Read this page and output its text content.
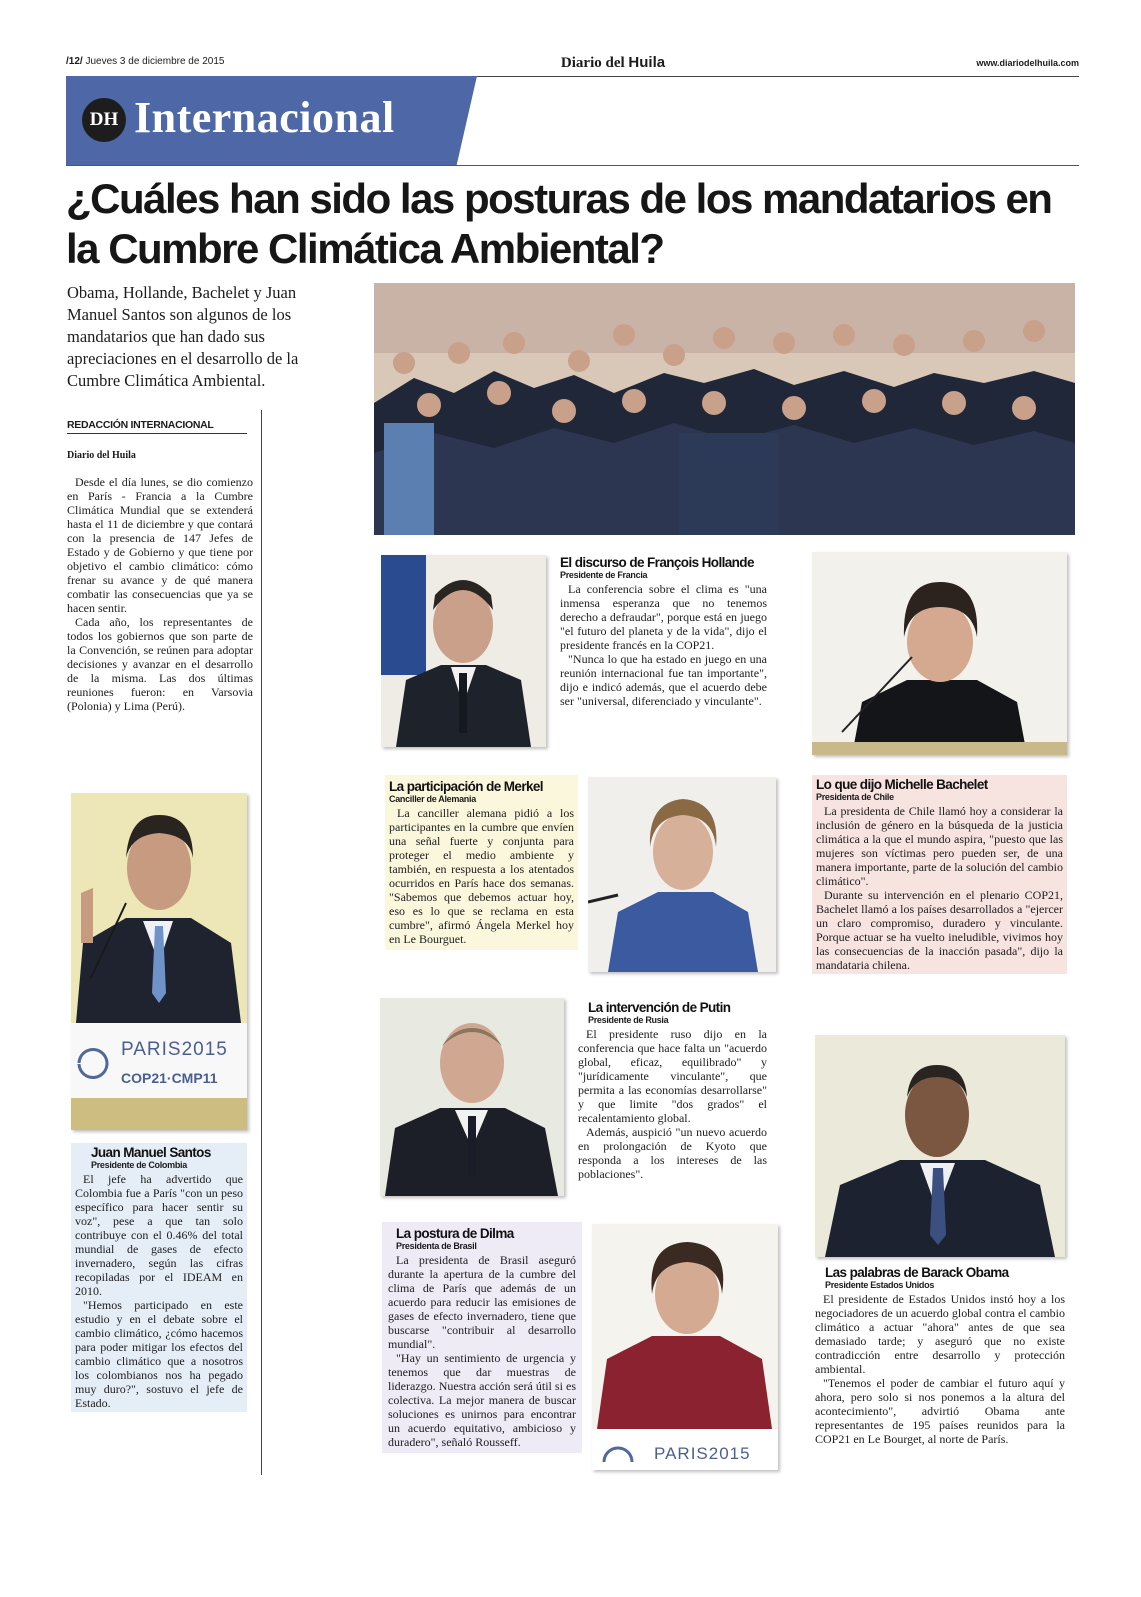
/12/ Jueves 3 de diciembre de 2015	Diario del Huila	www.diariodelhuila.com
DH Internacional
¿Cuáles han sido las posturas de los mandatarios en la Cumbre Climática Ambiental?
Obama, Hollande, Bachelet y Juan Manuel Santos son algunos de los mandatarios que han dado sus apreciaciones en el desarrollo de la Cumbre Climática Ambiental.
REDACCIÓN INTERNACIONAL
Diario del Huila

Desde el día lunes, se dio comienzo en París - Francia a la Cumbre Climática Mundial que se extenderá hasta el 11 de diciembre y que contará con la presencia de 147 Jefes de Estado y de Gobierno y que tiene por objetivo el cambio climático: cómo frenar su avance y de qué manera combatir las consecuencias que ya se hacen sentir.

Cada año, los representantes de todos los gobiernos que son parte de la Convención, se reúnen para adoptar decisiones y avanzar en el desarrollo de la misma. Las dos últimas reuniones fueron: en Varsovia (Polonia) y Lima (Perú).

El discurso de François Hollande
Presidente de Francia

La conferencia sobre el clima es "una inmensa esperanza que no tenemos derecho a defraudar", porque está en juego "el futuro del planeta y de la vida", dijo el presidente francés en la COP21.

"Nunca lo que ha estado en juego en una reunión internacional fue tan importante", dijo e indicó además, que el acuerdo debe ser "universal, diferenciado y vinculante".

Lo que dijo Michelle Bachelet
Presidenta de Chile

La presidenta de Chile llamó hoy a considerar la inclusión de género en la búsqueda de la justicia climática a la que el mundo aspira, "puesto que las mujeres son víctimas pero pueden ser, de una manera importante, parte de la solución del cambio climático".

Durante su intervención en el plenario COP21, Bachelet llamó a los países desarrollados a "ejercer un claro compromiso, duradero y vinculante. Porque actuar se ha vuelto ineludible, vivimos hoy las consecuencias de la inacción pasada", dijo la mandataria chilena.

La participación de Merkel
Canciller de Alemania

La canciller alemana pidió a los participantes en la cumbre que envíen una señal fuerte y conjunta para proteger el medio ambiente y también, en respuesta a los atentados ocurridos en París hace dos semanas. "Sabemos que debemos actuar hoy, eso es lo que se reclama en esta cumbre", afirmó Ángela Merkel hoy en Le Bourguet.

PARIS2015
COP21·CMP11
Juan Manuel Santos
Presidente de Colombia

El jefe ha advertido que Colombia fue a París "con un peso específico para hacer sentir su voz", pese a que tan solo contribuye con el 0.46% del total mundial de gases de efecto invernadero, según las cifras recopiladas por el IDEAM en 2010.

"Hemos participado en este estudio y en el debate sobre el cambio climático, ¿cómo hacemos para poder mitigar los efectos del cambio climático que a nosotros los colombianos nos ha pegado muy duro?", sostuvo el jefe de Estado.

La intervención de Putin
Presidente de Rusia

El presidente ruso dijo en la conferencia que hace falta un "acuerdo global, eficaz, equilibrado" y "jurídicamente vinculante", que permita a las economías desarrollarse" y que limite "dos grados" el recalentamiento global.

Además, auspició "un nuevo acuerdo en prolongación de Kyoto que responda a los intereses de las poblaciones".

Las palabras de Barack Obama
Presidente Estados Unidos

El presidente de Estados Unidos instó hoy a los negociadores de un acuerdo global contra el cambio climático a actuar "ahora" antes de que sea demasiado tarde; y aseguró que no existe contradicción entre desarrollo y protección ambiental.

"Tenemos el poder de cambiar el futuro aquí y ahora, pero solo si nos ponemos a la altura del acontecimiento", advirtió Obama ante representantes de 195 países reunidos para la COP21 en Le Bourget, al norte de París.

La postura de Dilma
Presidenta de Brasil

La presidenta de Brasil aseguró durante la apertura de la cumbre del clima de París que además de un acuerdo para reducir las emisiones de gases de efecto invernadero, tiene que buscarse "contribuir al desarrollo mundial".

"Hay un sentimiento de urgencia y tenemos que dar muestras de liderazgo. Nuestra acción será útil si es colectiva. La mejor manera de buscar soluciones es unirnos para encontrar un acuerdo equitativo, ambicioso y duradero", señaló Rousseff.

PARIS2015
